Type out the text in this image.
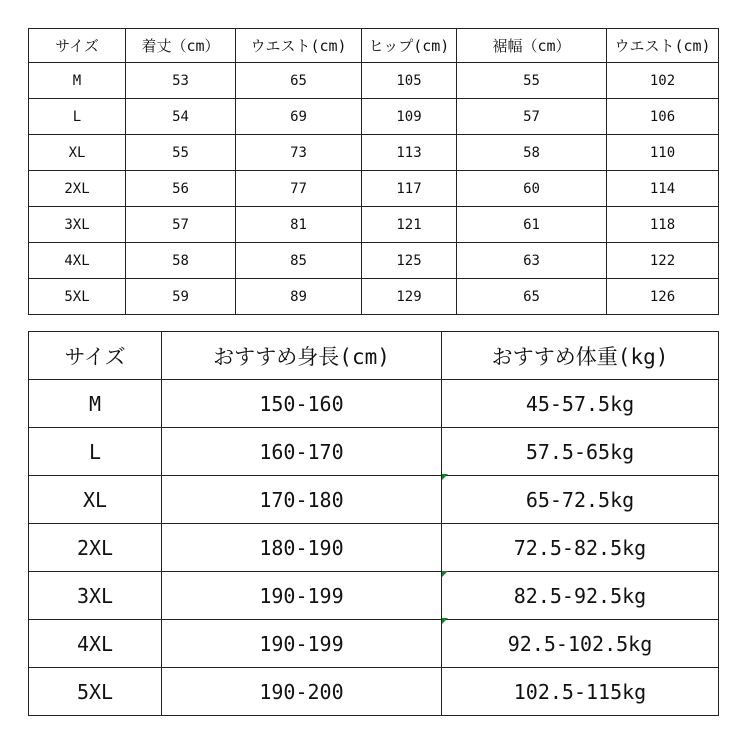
サイズ	着丈（cm）	ウエスト(cm)	ヒップ(cm)	裾幅（cm）	ウエスト(cm)
M	53	65	105	55	102
L	54	69	109	57	106
XL	55	73	113	58	110
2XL	56	77	117	60	114
3XL	57	81	121	61	118
4XL	58	85	125	63	122
5XL	59	89	129	65	126
サイズ	おすすめ身長(cm)	おすすめ体重(kg)
M	150-160	45-57.5kg
L	160-170	57.5-65kg
XL	170-180	65-72.5kg
2XL	180-190	72.5-82.5kg
3XL	190-199	82.5-92.5kg
4XL	190-199	92.5-102.5kg
5XL	190-200	102.5-115kg
